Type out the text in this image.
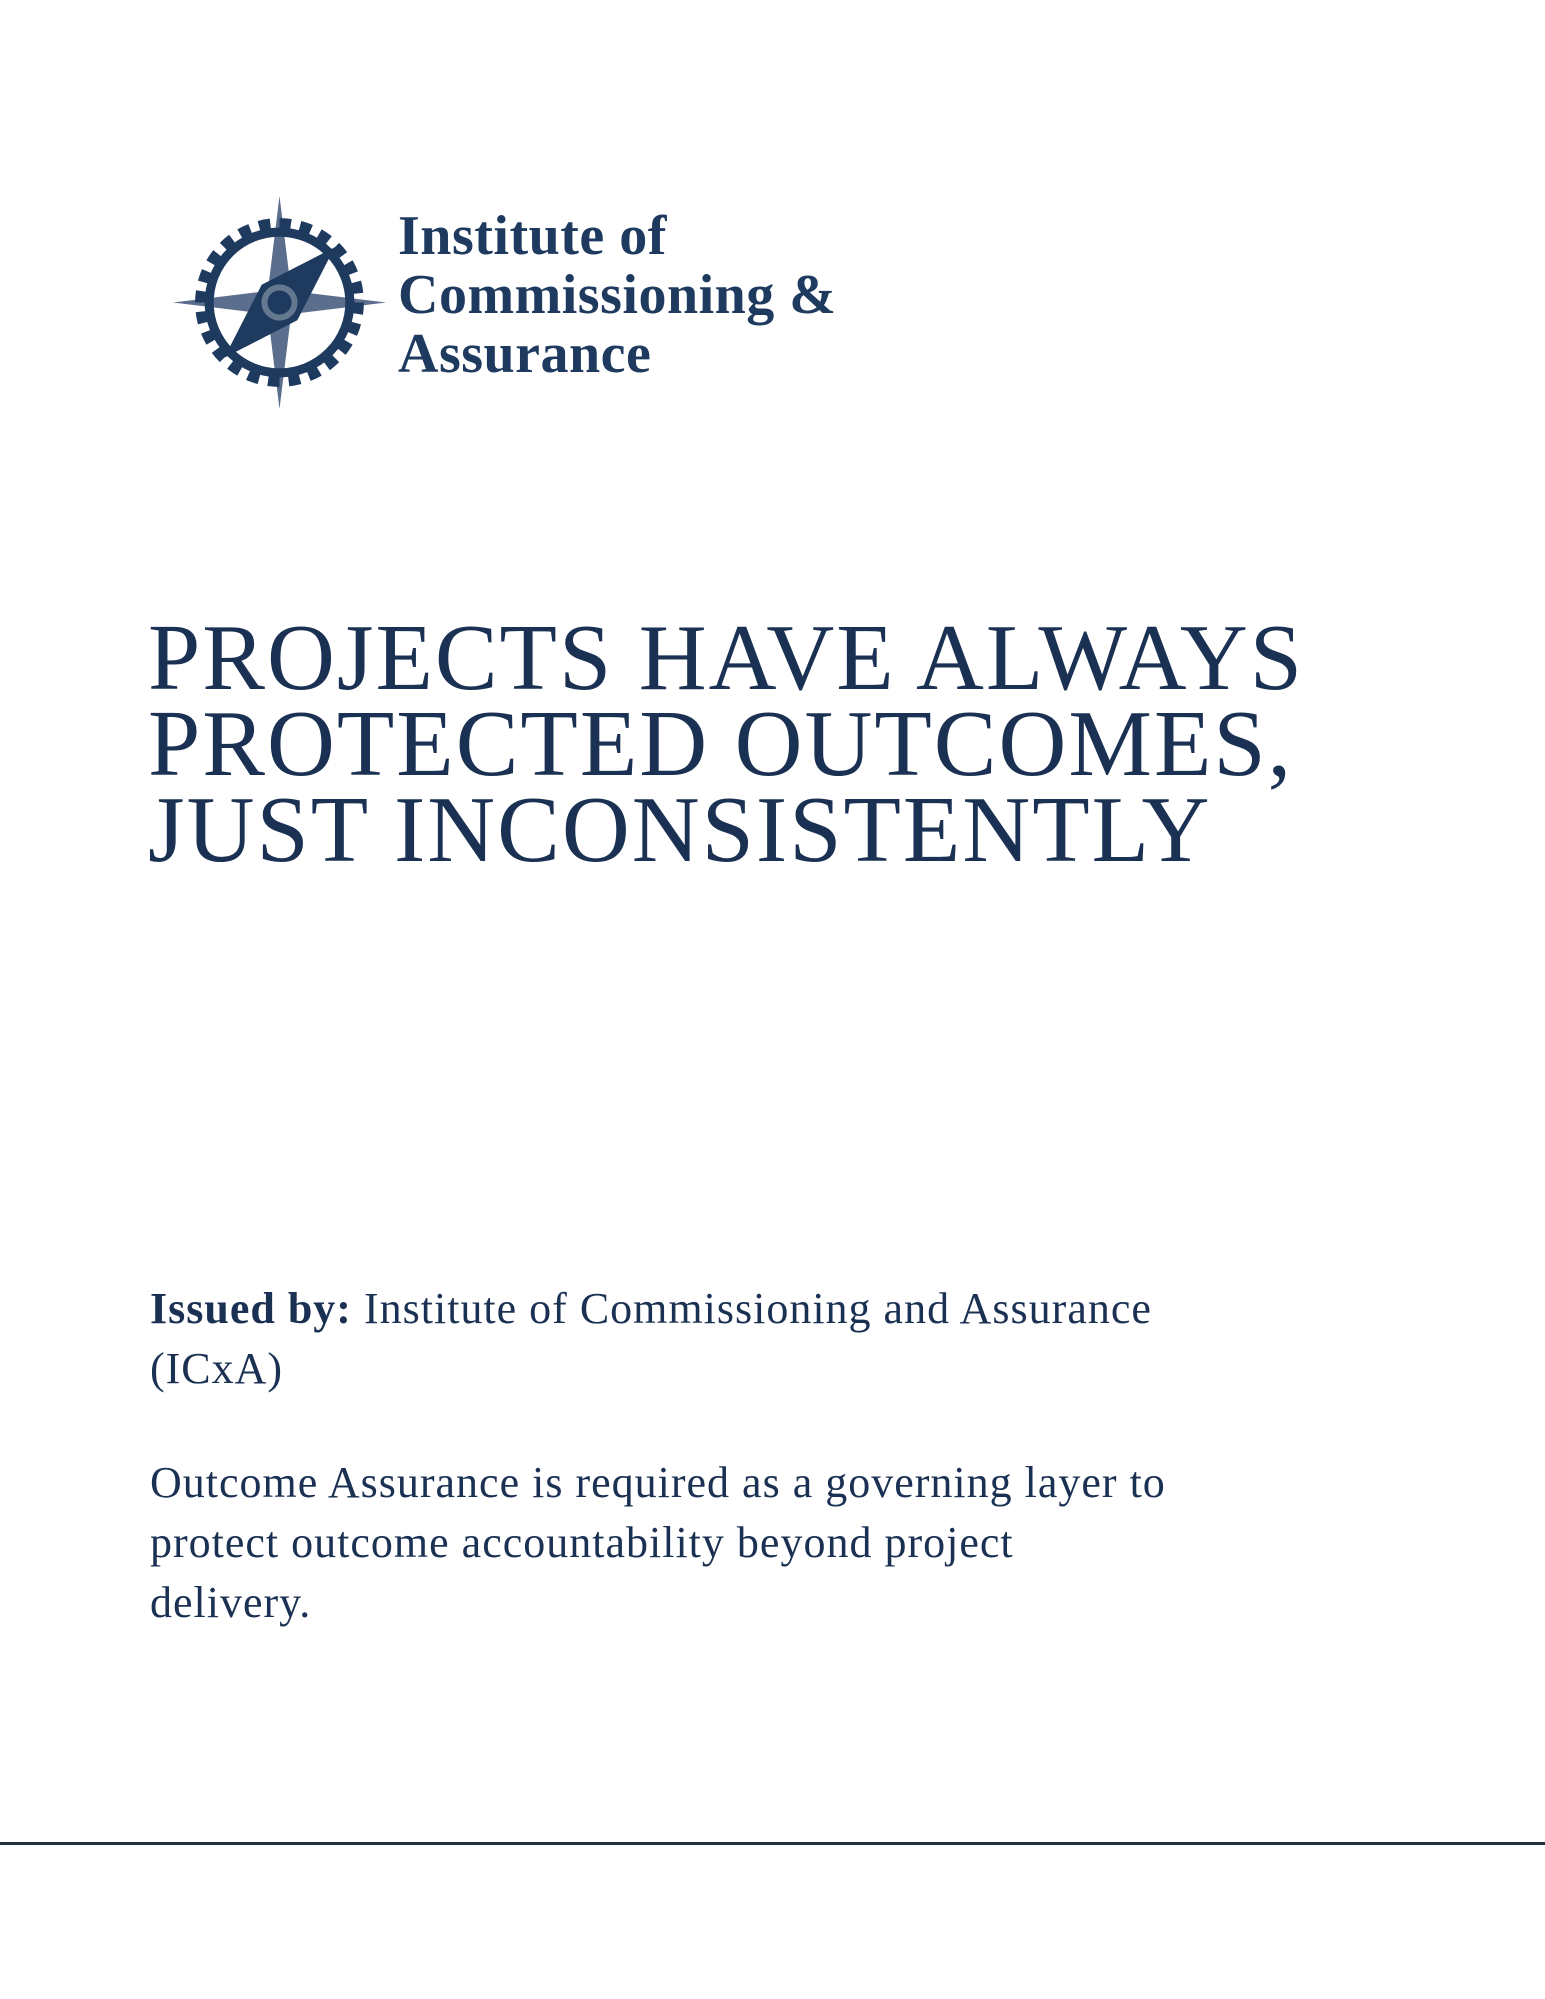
Institute of
Commissioning &
Assurance
PROJECTS HAVE ALWAYS
PROTECTED OUTCOMES,
JUST INCONSISTENTLY
Issued by: Institute of Commissioning and Assurance
(ICxA)
Outcome Assurance is required as a governing layer to
protect outcome accountability beyond project
delivery.
